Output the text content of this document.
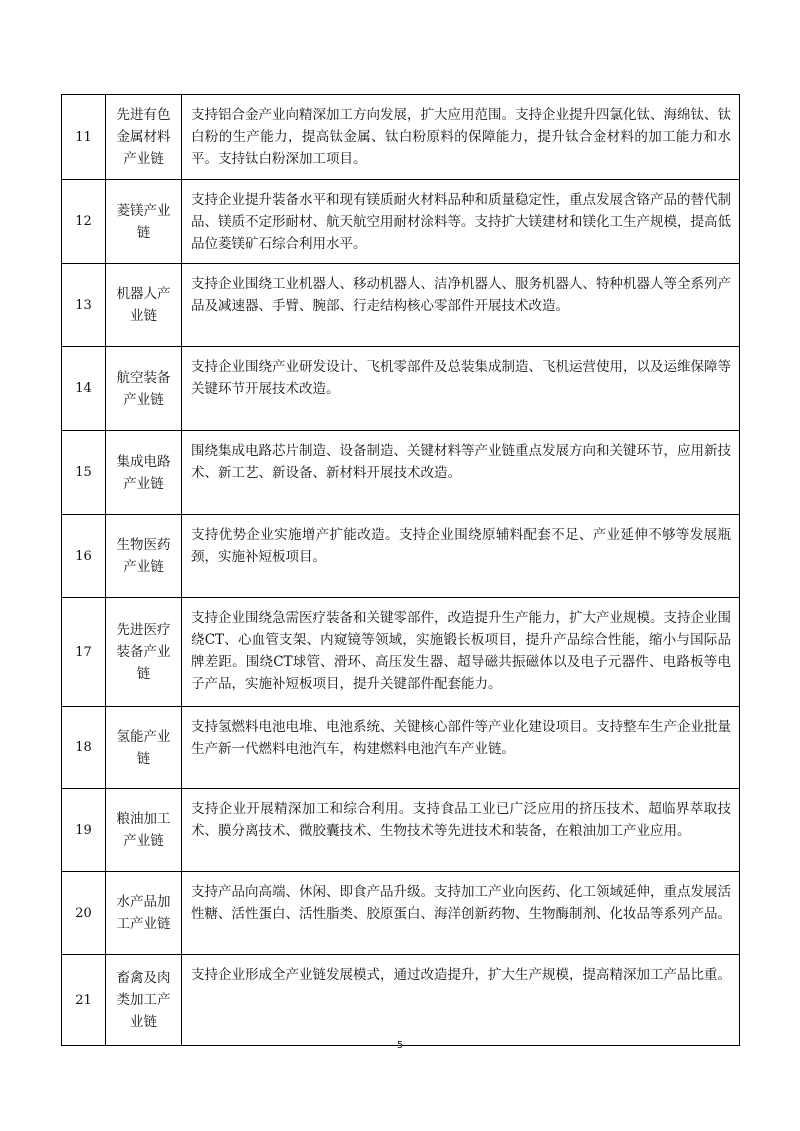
11	先进有色金属材料产业链	支持铝合金产业向精深加工方向发展，扩大应用范围。支持企业提升四氯化钛、海绵钛、钛白粉的生产能力，提高钛金属、钛白粉原料的保障能力，提升钛合金材料的加工能力和水平。支持钛白粉深加工项目。

12	菱镁产业链	支持企业提升装备水平和现有镁质耐火材料品种和质量稳定性，重点发展含铬产品的替代制品、镁质不定形耐材、航天航空用耐材涂料等。支持扩大镁建材和镁化工生产规模，提高低品位菱镁矿石综合利用水平。

13	机器人产业链	支持企业围绕工业机器人、移动机器人、洁净机器人、服务机器人、特种机器人等全系列产品及减速器、手臂、腕部、行走结构核心零部件开展技术改造。

14	航空装备产业链	支持企业围绕产业研发设计、飞机零部件及总装集成制造、飞机运营使用，以及运维保障等关键环节开展技术改造。

15	集成电路产业链	围绕集成电路芯片制造、设备制造、关键材料等产业链重点发展方向和关键环节，应用新技术、新工艺、新设备、新材料开展技术改造。

16	生物医药产业链	支持优势企业实施增产扩能改造。支持企业围绕原辅料配套不足、产业延伸不够等发展瓶颈，实施补短板项目。

17	先进医疗装备产业链	支持企业围绕急需医疗装备和关键零部件，改造提升生产能力，扩大产业规模。支持企业围绕CT、心血管支架、内窥镜等领域，实施锻长板项目，提升产品综合性能，缩小与国际品牌差距。围绕CT球管、滑环、高压发生器、超导磁共振磁体以及电子元器件、电路板等电子产品，实施补短板项目，提升关键部件配套能力。

18	氢能产业链	支持氢燃料电池电堆、电池系统、关键核心部件等产业化建设项目。支持整车生产企业批量生产新一代燃料电池汽车，构建燃料电池汽车产业链。

19	粮油加工产业链	支持企业开展精深加工和综合利用。支持食品工业已广泛应用的挤压技术、超临界萃取技术、膜分离技术、微胶囊技术、生物技术等先进技术和装备，在粮油加工产业应用。

20	水产品加工产业链	支持产品向高端、休闲、即食产品升级。支持加工产业向医药、化工领域延伸，重点发展活性糖、活性蛋白、活性脂类、胶原蛋白、海洋创新药物、生物酶制剂、化妆品等系列产品。

21	畜禽及肉类加工产业链	支持企业形成全产业链发展模式，通过改造提升，扩大生产规模，提高精深加工产品比重。
5
